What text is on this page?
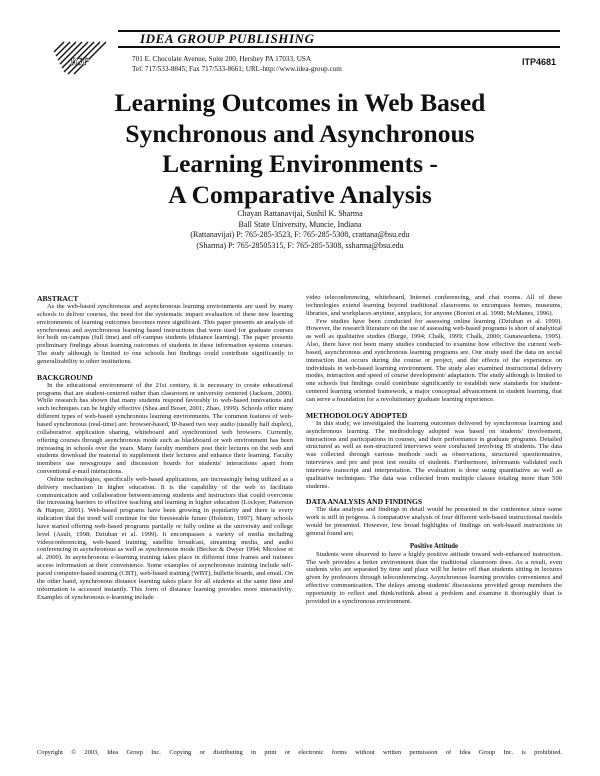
IGP
IDEA GROUP PUBLISHING
701 E. Chocolate Avenue, Suite 200, Hershey PA 17033, USA
Tel: 717/533-8845; Fax 717/533-8661; URL-http://www.idea-group.com
ITP4681
Learning Outcomes in Web Based
Synchronous and Asynchronous
Learning Environments -
A Comparative Analysis
Chayan Rattanavijai, Sushil K. Sharma
Ball State University, Muncie, Indiana
(Rattanavijai) P: 765-285-3523, F: 765-285-5308, crattana@bsu.edu
(Sharma) P: 765-28505315, F: 765-285-5308, ssharma@bsu.edu
ABSTRACT

As the web-based synchronous and asynchronous learning environments are used by many schools to deliver courses, the need for the systematic impact evaluation of these new learning environments of learning outcomes becomes more significant. This paper presents an analysis of synchronous and asynchronous learning based instructions that were used for graduate courses for both on-campus (full time) and off-campus students (distance learning). The paper presents preliminary findings about learning outcomes of students in these information systems courses. The study although is limited to one schools but findings could contribute significantly to generalizability to other institutions.

BACKGROUND

In the educational environment of the 21st century, it is necessary to create educational programs that are student-centered rather than classroom or university centered (Jackson, 2000). While research has shown that many students respond favorably to web-based innovations and such techniques can be highly effective (Shea and Boser, 2001; Zhao, 1999). Schools offer many different types of web-based synchronous learning environments. The common features of web-based synchronous (real-time) are: browser-based, IP-based two way audio (usually half duplex), collaborative application sharing, whiteboard and synchronized web browsers. Currently, offering courses through asynchronous mode such as blackboard or web environment has been increasing in schools over the years. Many faculty members post their lectures on the web and students download the material to supplement their lectures and enhance their learning. Faculty members use newsgroups and discussion boards for students' interactions apart from conventional e-mail interactions.

Online technologies, specifically web-based applications, are increasingly being utilized as a delivery mechanism in higher education. It is the capability of the web to facilitate communication and collaboration between/among students and instructors that could overcome the increasing barriers to effective teaching and learning in higher education (Lockyer, Patterson & Harper, 2001). Web-based programs have been growing in popularity and there is every indication that the trend will continue for the foreseeable future (Holstein, 1997). Many schools have started offering web-based programs partially or fully online at the university and college level (Asult, 1998; Dziuban et al. 1999). It encompasses a variety of media including videoconferencing, web-based training, satellite broadcast, streaming media, and audio conferencing in asynchronous as well as synchronous mode (Becker & Dwyer 1994; Micolese et al. 2000). In asynchronous e-learning training takes place in different time frames and trainees access information at their convenience. Some examples of asynchronous training include self-paced computer-based training (CBT), web-based training (WBT), bulletin boards, and email. On the other hand, synchronous distance learning takes place for all students at the same time and information is accessed instantly. This form of distance learning provides more interactivity. Examples of synchronous e-learning include

video teleconferencing, whiteboard, Internet conferencing, and chat rooms. All of these technologies extend learning beyond traditional classrooms to encompass homes, museums, libraries, and workplaces anytime, anyplace, for anyone (Boroni et al. 1998; McManes, 1996).

Few studies have been conducted for assessing online learning (Dziuban et al. 1999). However, the research literature on the use of assessing web-based programs is short of analytical as well as qualitative studies (Burge, 1994; Chalk, 1999; Chalk, 2000; Gunawardena, 1995). Also, there have not been many studies conducted to examine how effective the current web-based, asynchronous and synchronous learning programs are. Our study used the data on social interaction that occurs during the course or project, and the effects of the experience on individuals in web-based learning environment. The study also examined instructional delivery modes, interaction and speed of course development/ adaptation. The study although is limited to one schools but findings could contribute significantly to establish new standards for student-centered learning oriented framework, a major conceptual advancement in student learning, that can serve a foundation for a revolutionary graduate learning experience.

METHODOLOGY ADOPTED

In this study, we investigated the learning outcomes delivered by synchronous learning and asynchronous learning. The methodology adopted was based on students' involvement, interactions and participations in courses, and their performance in graduate programs. Detailed structured as well as non-structured interviews were conducted involving IS students. The data was collected through various methods such as observations, structured questionnaires, interviews and pre and post test results of students. Furthermore, informants validated each interview transcript and interpretation. The evaluation is done using quantitative as well as qualitative techniques. The data was collected from multiple classes totaling more than 500 students.

DATA ANALYSIS AND FINDINGS

The data analysis and findings in detail would be presented in the conference since some work is still in progress. A comparative analysis of four different web-based instructional models would be presented. However, few broad highlights of findings on web-based instructions in general found are;

Positive Attitude

Students were observed to have a highly positive attitude toward web-enhanced instruction. The web provides a better environment than the traditional classroom does. As a result, even students who are separated by time and place will be better off than students sitting in lectures given by professors through teleconferencing. Asynchronous learning provides convenience and effective communication. The delays among students' discussions provided group members the opportunity to reflect and think/rethink about a problem and examine it thoroughly than is provided in a synchronous environment.

Copyright © 2003, Idea Group Inc. Copying or distributing in print or electronic forms without written permission of Idea Group Inc. is prohibited.
